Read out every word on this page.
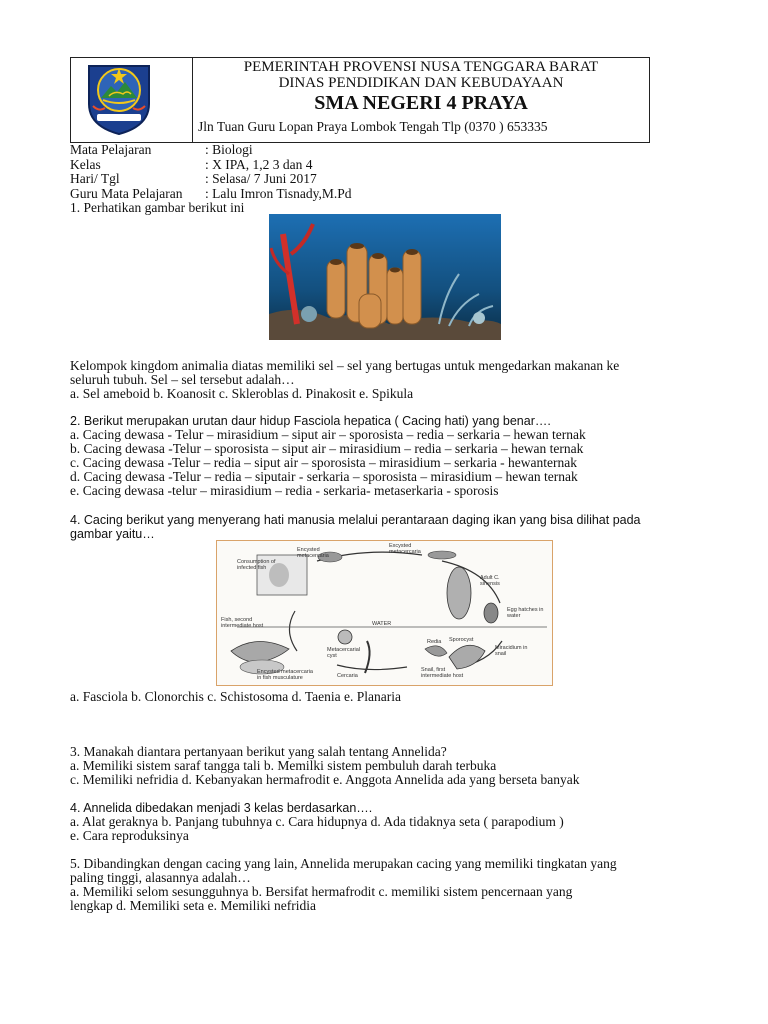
PEMERINTAH PROVENSI NUSA TENGGARA BARAT
DINAS PENDIDIKAN DAN KEBUDAYAAN
SMA NEGERI 4 PRAYA
Jln Tuan Guru Lopan Praya Lombok Tengah Tlp (0370 ) 653335
Mata Pelajaran	: Biologi
Kelas	: X IPA, 1,2 3 dan 4
Hari/ Tgl	: Selasa/ 7 Juni 2017
Guru Mata Pelajaran	: Lalu Imron Tisnady,M.Pd
1. Perhatikan gambar berikut ini
Kelompok kingdom animalia diatas memiliki sel – sel yang bertugas untuk mengedarkan makanan ke
seluruh tubuh. Sel – sel tersebut adalah…
a. Sel ameboid b. Koanosit c. Skleroblas d. Pinakosit e. Spikula
2. Berikut merupakan urutan daur hidup Fasciola hepatica ( Cacing hati) yang benar….
a. Cacing dewasa - Telur – mirasidium – siput air – sporosista – redia – serkaria – hewan ternak
b. Cacing dewasa -Telur – sporosista – siput air – mirasidium – redia – serkaria – hewan ternak
c. Cacing dewasa -Telur – redia – siput air – sporosista – mirasidium – serkaria - hewanternak
d. Cacing dewasa -Telur – redia – siputair - serkaria – sporosista – mirasidium – hewan ternak
e. Cacing dewasa -telur – mirasidium – redia - serkaria- metaserkaria - sporosis
4. Cacing berikut yang menyerang hati manusia melalui perantaraan daging ikan yang bisa dilihat pada
gambar yaitu…
Consumption of infected fish
Encysted metacercaria
Excysted metacercaria
Adult C. sinensis
Egg hatches in water
WATER
Fish, second intermediate host
Metacercarial cyst
Encysted metacercaria in fish musculature	Cercaria
Redia Sporocyst
Miracidium in snail
Snail, first intermediate host
a. Fasciola b. Clonorchis c. Schistosoma d. Taenia e. Planaria
3. Manakah diantara pertanyaan berikut yang salah tentang Annelida?
a. Memiliki sistem saraf tangga tali b. Memilki sistem pembuluh darah terbuka
c. Memiliki nefridia d. Kebanyakan hermafrodit e. Anggota Annelida ada yang berseta banyak
4. Annelida dibedakan menjadi 3 kelas berdasarkan….
a. Alat geraknya b. Panjang tubuhnya c. Cara hidupnya d. Ada tidaknya seta ( parapodium )
e. Cara reproduksinya
5. Dibandingkan dengan cacing yang lain, Annelida merupakan cacing yang memiliki tingkatan yang
paling tinggi, alasannya adalah…
a. Memiliki selom sesungguhnya b. Bersifat hermafrodit c. memiliki sistem pencernaan yang
lengkap d. Memiliki seta e. Memiliki nefridia
